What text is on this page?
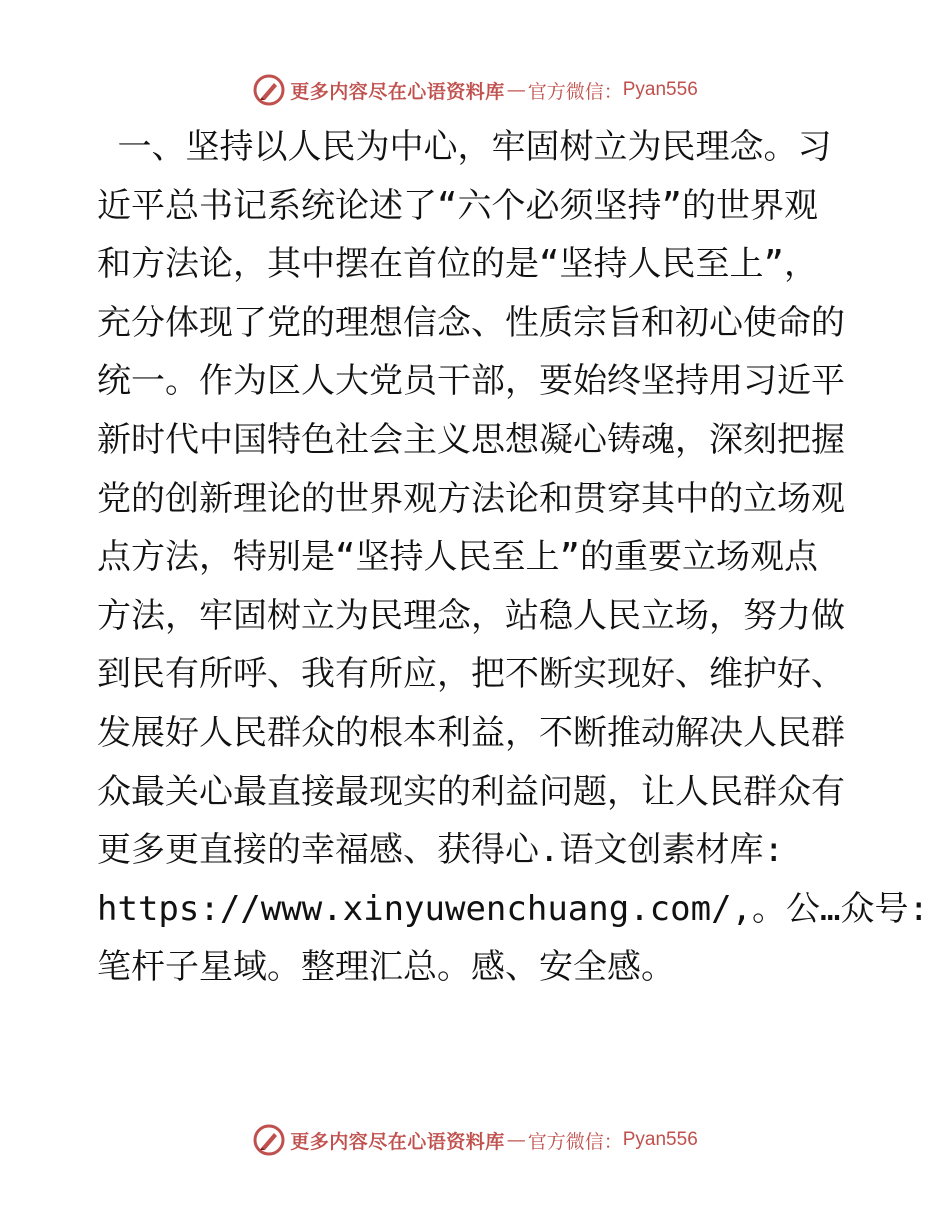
更多内容尽在心语资料库 — 官方微信： Pyan556
一、坚持以人民为中心，牢固树立为民理念。习
近平总书记系统论述了“六个必须坚持”的世界观
和方法论，其中摆在首位的是“坚持人民至上”，
充分体现了党的理想信念、性质宗旨和初心使命的
统一。作为区人大党员干部，要始终坚持用习近平
新时代中国特色社会主义思想凝心铸魂，深刻把握
党的创新理论的世界观方法论和贯穿其中的立场观
点方法，特别是“坚持人民至上”的重要立场观点
方法，牢固树立为民理念，站稳人民立场，努力做
到民有所呼、我有所应，把不断实现好、维护好、
发展好人民群众的根本利益，不断推动解决人民群
众最关心最直接最现实的利益问题，让人民群众有
更多更直接的幸福感、获得心.语文创素材库:
https://www.xinyuwenchuang.com/,。公…众号:
笔杆子星域。整理汇总。感、安全感。
更多内容尽在心语资料库 — 官方微信： Pyan556
